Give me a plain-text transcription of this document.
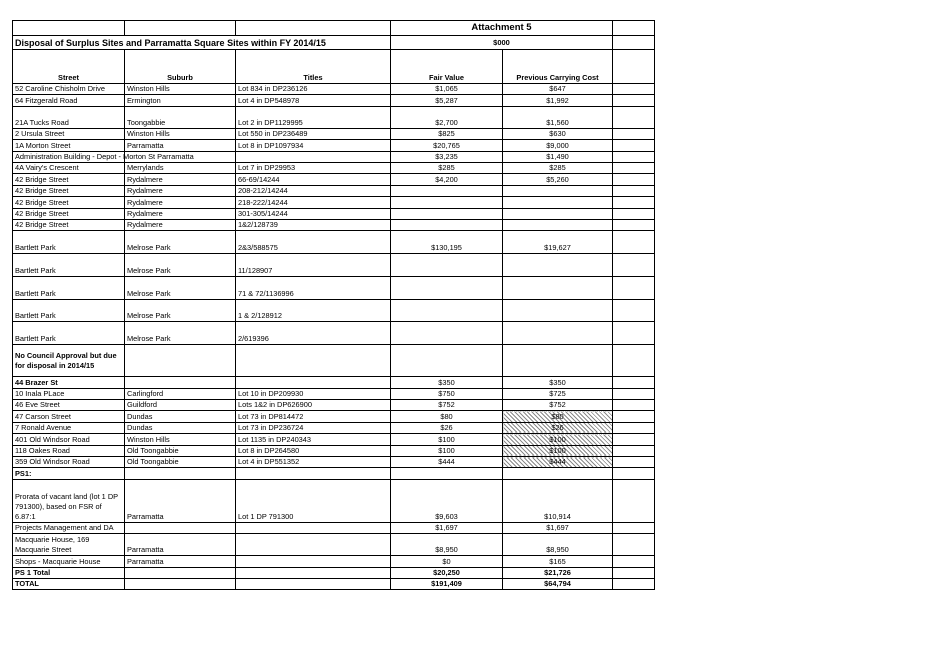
			Attachment 5		
Disposal of Surplus Sites and Parramatta Square Sites within FY 2014/15			$000		
Street	Suburb	Titles	Fair Value	Previous Carrying Cost	
52 Caroline Chisholm Drive	Winston Hills	Lot 834 in DP236126	$1,065	$647	
64 Fitzgerald Road	Ermington	Lot 4 in DP548978	$5,287	$1,992	
21A Tucks Road	Toongabbie	Lot 2 in DP1129995	$2,700	$1,560	
2 Ursula Street	Winston Hills	Lot 550 in DP236489	$825	$630	
1A Morton Street	Parramatta	Lot 8 in DP1097934	$20,765	$9,000	
Administration Building - Depot - Morton St Parramatta			$3,235	$1,490	
4A Vairy's Crescent	Merrylands	Lot 7 in DP29953	$285	$285	
42 Bridge Street	Rydalmere	66-69/14244	$4,200	$5,260	
42 Bridge Street	Rydalmere	208-212/14244			
42 Bridge Street	Rydalmere	218-222/14244			
42 Bridge Street	Rydalmere	301-305/14244			
42 Bridge Street	Rydalmere	1&2/128739			
Bartlett Park	Melrose Park	2&3/588575	$130,195	$19,627	
Bartlett Park	Melrose Park	11/128907			
Bartlett Park	Melrose Park	71 & 72/1136996			
Bartlett Park	Melrose Park	1 & 2/128912			
Bartlett Park	Melrose Park	2/619396			
No Council Approval but due for disposal in 2014/15					
44 Brazer St			$350	$350	
10 Inala PLace	Carlingford	Lot 10 in DP209930	$750	$725	
46 Eve Street	Guildford	Lots 1&2 in DP626900	$752	$752	
47 Carson Street	Dundas	Lot 73 in DP814472	$80	$80	
7 Ronald Avenue	Dundas	Lot 73 in DP236724	$26	$26	
401 Old Windsor Road	Winston Hills	Lot 1135 in DP240343	$100	$100	
118 Oakes Road	Old Toongabbie	Lot 8 in DP264580	$100	$100	
359 Old Windsor Road	Old Toongabbie	Lot 4 in DP551352	$444	$444	
PS1:					
Prorata of vacant land (lot 1 DP 791300), based on FSR of 6.87:1	Parramatta	Lot 1 DP 791300	$9,603	$10,914	
Projects Management and DA			$1,697	$1,697	
Macquarie House, 169 Macquarie Street	Parramatta		$8,950	$8,950	
Shops - Macquarie House	Parramatta		$0	$165	
PS 1 Total			$20,250	$21,726	
TOTAL			$191,409	$64,794	
